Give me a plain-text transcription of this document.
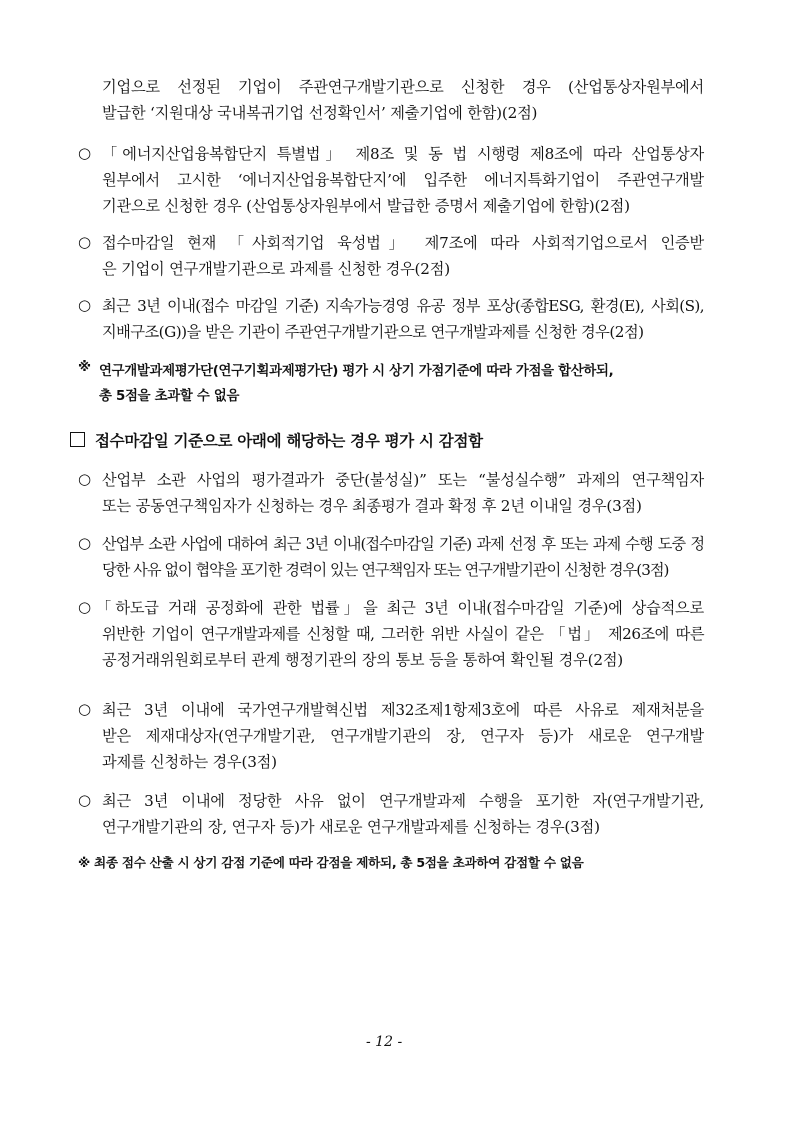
기업으로 선정된 기업이 주관연구개발기관으로 신청한 경우 (산업통상자원부에서
발급한 ‘지원대상 국내복귀기업 선정확인서’ 제출기업에 한함)(2점)
○ 「에너지산업융복합단지 특별법」 제8조 및 동 법 시행령 제8조에 따라 산업통상자
원부에서 고시한 ‘에너지산업융복합단지’에 입주한 에너지특화기업이 주관연구개발
기관으로 신청한 경우 (산업통상자원부에서 발급한 증명서 제출기업에 한함)(2점)
○ 접수마감일 현재 「사회적기업 육성법」 제7조에 따라 사회적기업으로서 인증받
은 기업이 연구개발기관으로 과제를 신청한 경우(2점)
○ 최근 3년 이내(접수 마감일 기준) 지속가능경영 유공 정부 포상(종합ESG, 환경(E), 사회(S),
지배구조(G))을 받은 기관이 주관연구개발기관으로 연구개발과제를 신청한 경우(2점)
※ 연구개발과제평가단(연구기획과제평가단) 평가 시 상기 가점기준에 따라 가점을 합산하되,
총 5점을 초과할 수 없음
접수마감일 기준으로 아래에 해당하는 경우 평가 시 감점함
○ 산업부 소관 사업의 평가결과가 중단(불성실)” 또는 “불성실수행” 과제의 연구책임자
또는 공동연구책임자가 신청하는 경우 최종평가 결과 확정 후 2년 이내일 경우(3점)
○ 산업부 소관 사업에 대하여 최근 3년 이내(접수마감일 기준) 과제 선정 후 또는 과제 수행 도중 정
당한 사유 없이 협약을 포기한 경력이 있는 연구책임자 또는 연구개발기관이 신청한 경우(3점)
○ 「하도급 거래 공정화에 관한 법률」을 최근 3년 이내(접수마감일 기준)에 상습적으로
위반한 기업이 연구개발과제를 신청할 때, 그러한 위반 사실이 같은 「법」 제26조에 따른
공정거래위원회로부터 관계 행정기관의 장의 통보 등을 통하여 확인될 경우(2점)
○ 최근 3년 이내에 국가연구개발혁신법 제32조제1항제3호에 따른 사유로 제재처분을
받은 제재대상자(연구개발기관, 연구개발기관의 장, 연구자 등)가 새로운 연구개발
과제를 신청하는 경우(3점)
○ 최근 3년 이내에 정당한 사유 없이 연구개발과제 수행을 포기한 자(연구개발기관,
연구개발기관의 장, 연구자 등)가 새로운 연구개발과제를 신청하는 경우(3점)
※ 최종 점수 산출 시 상기 감점 기준에 따라 감점을 제하되, 총 5점을 초과하여 감점할 수 없음
- 12 -
